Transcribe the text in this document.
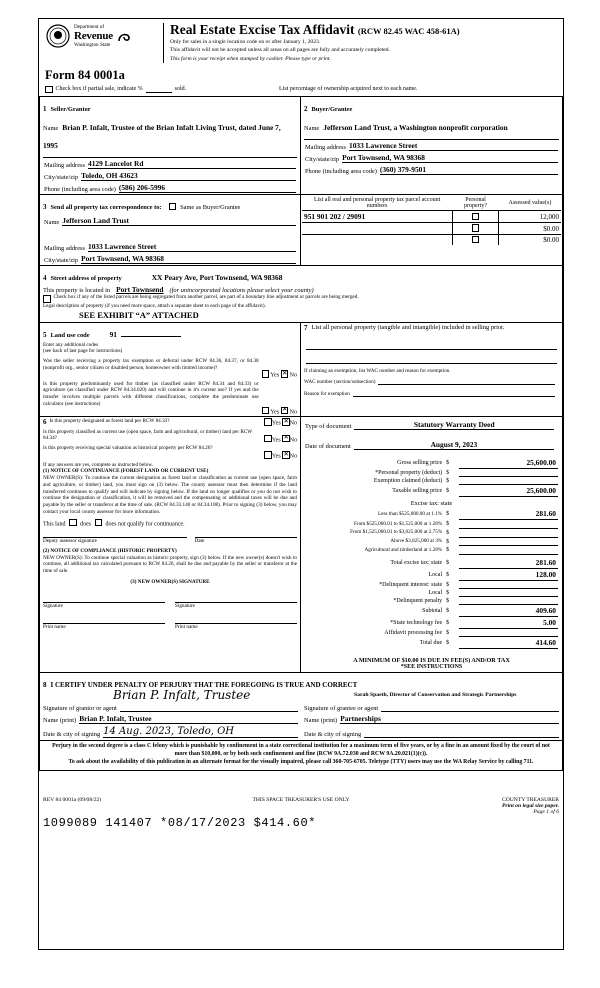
Department of
Revenue
Washington State
Real Estate Excise Tax Affidavit (RCW 82.45 WAC 458-61A)
Only for sales in a single location code on or after January 1, 2023.
This affidavit will not be accepted unless all areas on all pages are fully and accurately completed.
This form is your receipt when stamped by cashier. Please type or print.
Form 84 0001a
Check box if partial sale, indicate %	sold.	List percentage of ownership acquired next to each name.
1 Seller/Grantor
Name Brian P. Infalt, Trustee of the Brian Infalt Living Trust, dated June 7, 1995
Mailing address 4129 Lancelot Rd
City/state/zip Toledo, OH 43623
Phone (including area code) (586) 206-5996
2 Buyer/Grantee
Name Jefferson Land Trust, a Washington nonprofit corporation
Mailing address 1033 Lawrence Street
City/state/zip Port Townsend, WA 98368
Phone (including area code) (360) 379-9501
3 Send all property tax correspondence to:	Same as Buyer/Grantee
Name Jefferson Land Trust
Mailing address 1033 Lawrence Street
City/state/zip Port Townsend, WA 98368
List all real and personal property tax parcel account numbers	Personal property?	Assessed value(s)
951 901 202 / 29091		12,000
		$0.00
		$0.00
4 Street address of property	XX Peary Ave, Port Townsend, WA 98368
This property is located in Port Townsend (for unincorporated locations please select your county)
Check box if any of the listed parcels are being segregated from another parcel, are part of a boundary line adjustment or parcels are being merged.
Legal description of property (if you need more space, attach a separate sheet to each page of the affidavit).
SEE EXHIBIT “A” ATTACHED
5 Land use code	91
Enter any additional codes
(see back of last page for instructions)
Was the seller receiving a property tax exemption or deferral under RCW 84.36, 84.37, or 84.38 (nonprofit org., senior citizen or disabled person, homeowner with limited income)?
Yes ✕ No
Is this property predominantly used for timber (as classified under RCW 84.34 and 84.33) or agriculture (as classified under RCW 84.34.020) and will continue in it's current use? If yes and the transfer involves multiple parcels with different classifications, complete the predominate use calculator (see instructions)
Yes ✕ No
7 List all personal property (tangible and intangible) included in selling prior.
If claiming an exemption, list WAC number and reason for exemption.
WAC number (section/subsection)
Reason for exemption
6 Is this property designated as forest land per RCW 84.33?	Yes ✕ No
Is this property classified as current use (open space, farm and agricultural, or timber) land per RCW 84.34?	Yes ✕ No
Is this property receiving special valuation as historical property per RCW 84.26?
Yes ✕ No
If any answers are yes, complete as instructed below.
(1) NOTICE OF CONTINUANCE (FOREST LAND OR CURRENT USE)
NEW OWNER(S): To continue the current designation as forest land or classification as current use (open space, farm and agriculture, or timber) land, you must sign on (3) below. The county assessor must then determine if the land transferred continues to qualify and will indicate by signing below. If the land no longer qualifies or you do not wish to continue the designation or classification, it will be removed and the compensating or additional taxes will be due and payable by the seller or transferor at the time of sale. (RCW 84.33.140 or 84.34.108). Prior to signing (3) below, you may contact your local county assessor for more information.
This land does does not qualify for continuance.
Deputy assessor signature	Date
(2) NOTICE OF COMPLIANCE (HISTORIC PROPERTY)
NEW OWNER(S): To continue special valuation as historic property, sign (3) below. If the new owner(s) doesn't wish to continue, all additional tax calculated pursuant to RCW 84.26, shall be due and payable by the seller or transferor at the time of sale.
(3) NEW OWNER(S) SIGNATURE
Signature	Signature
Print name	Print name
Type of document	Statutory Warranty Deed
Date of document	August 9, 2023
Gross selling price	$	25,600.00
*Personal property (deduct)	$	
Exemption claimed (deduct)	$	
Taxable selling price	$	25,600.00
Excise tax: state
Less than $525,000.00 at 1.1%	$	281.60
From $525,000.01 to $1,525,000 at 1.28%	$	
From $1,525,000.01 to $3,025,000 at 2.75%	$	
Above $3,025,000 at 3%	$	
Agricultural and timberland at 1.28%	$	
Total excise tax: state	$	281.60
Local	$	128.00
*Delinquent interest: state	$	
Local	$	
*Delinquent penalty	$	
Subtotal	$	409.60
*State technology fee	$	5.00
Affidavit processing fee	$	
Total due	$	414.60
A MINIMUM OF $10.00 IS DUE IN FEE(S) AND/OR TAX
*SEE INSTRUCTIONS
8 I CERTIFY UNDER PENALTY OF PERJURY THAT THE FOREGOING IS TRUE AND CORRECT
Brian P. Infalt, Trustee
Signature of grantor or agent
Sarah Spaeth, Director of Conservation and Strategic Partnerships
Signature of grantee or agent
Name (print) Brian P. Infalt, Trustee	Name (print) Partnerships
Date & city of signing 14 Aug. 2023, Toledo, OH	Date & city of signing
Perjury in the second degree is a class C felony which is punishable by confinement in a state correctional institution for a maximum term of five years, or by a fine in an amount fixed by the court of not more than $10,000, or by both such confinement and fine (RCW 9A.72.030 and RCW 9A.20.021(1)(c)).
To ask about the availability of this publication in an alternate format for the visually impaired, please call 360-705-6705. Teletype (TTY) users may use the WA Relay Service by calling 711.
REV 84 0001a (09/08/22)	THIS SPACE TREASURER'S USE ONLY	COUNTY TREASURER
Print on legal size paper.
Page 1 of 6
1099089 141407 *08/17/2023 $414.60*
